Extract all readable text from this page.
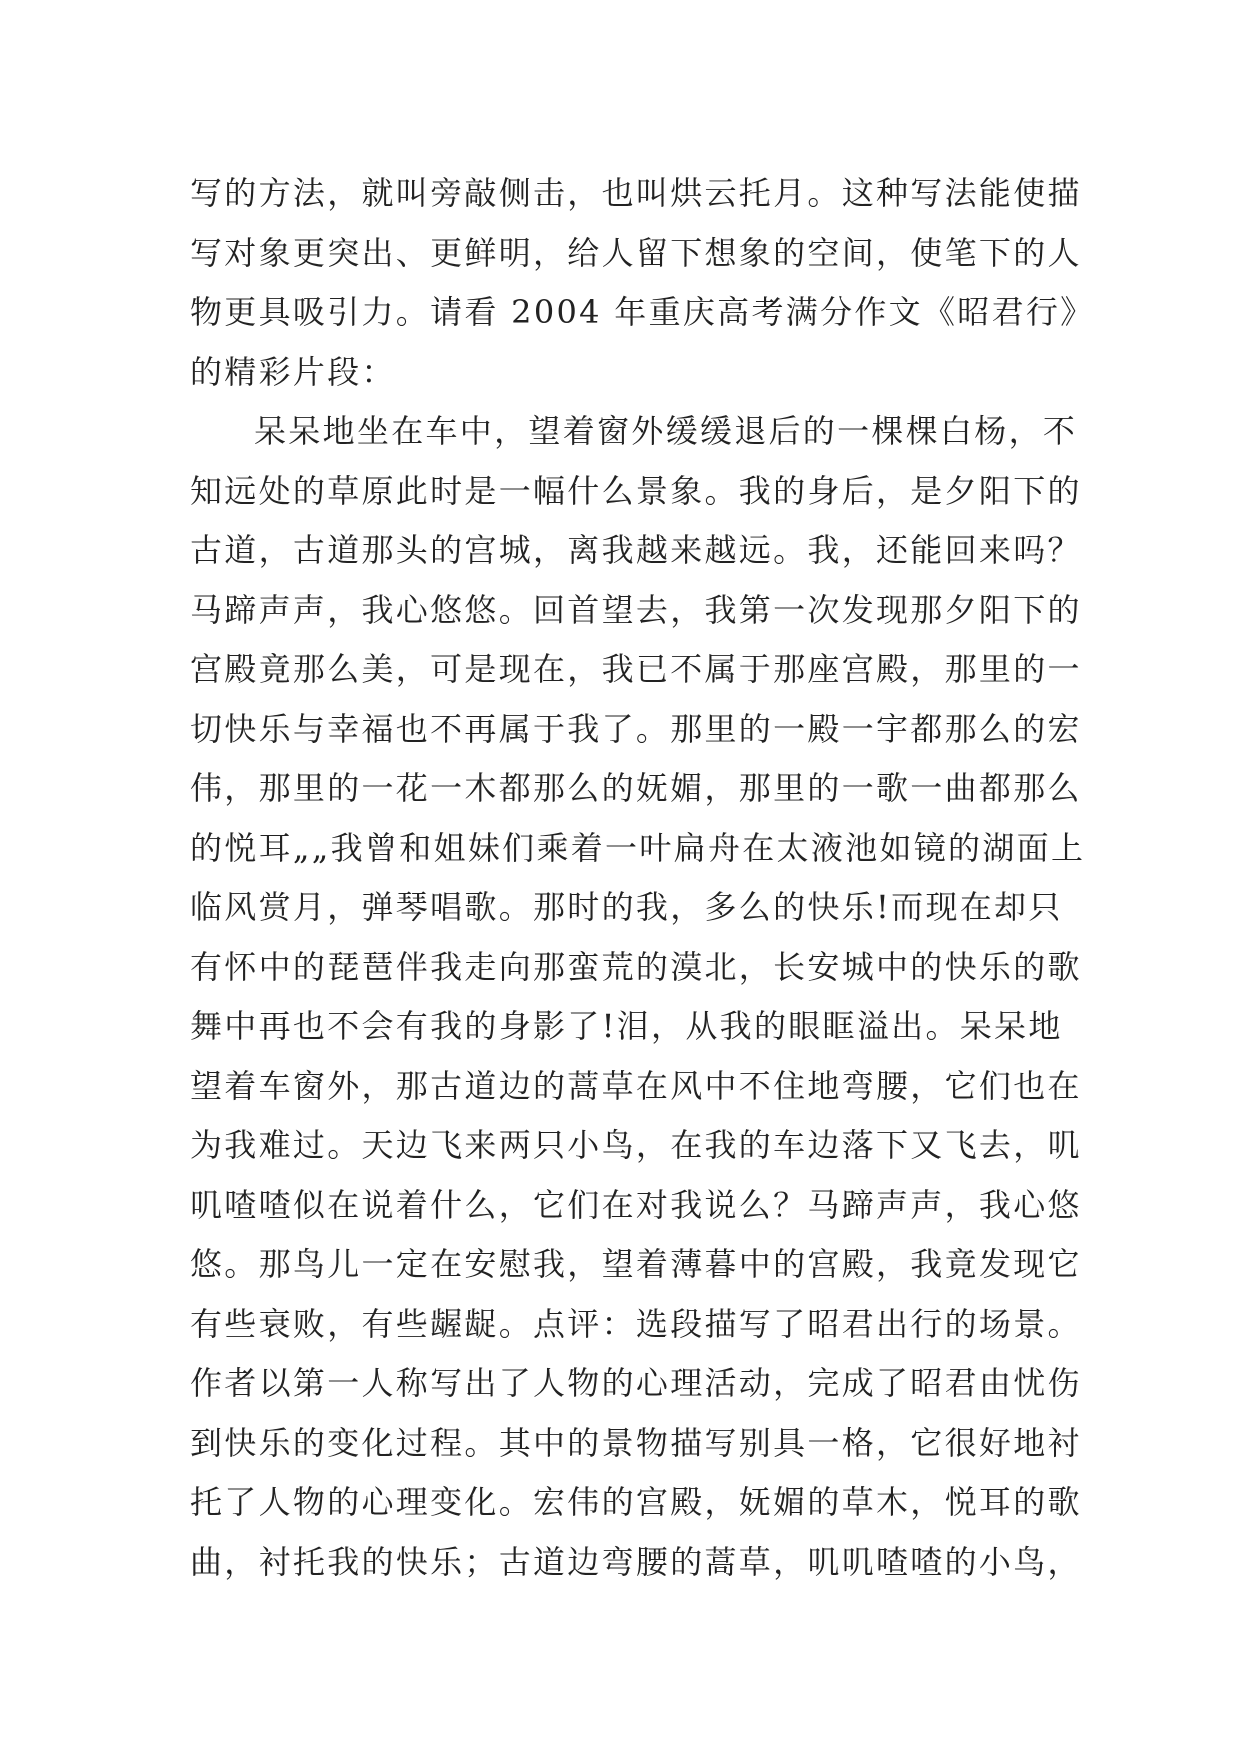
写的方法，就叫旁敲侧击，也叫烘云托月。这种写法能使描
写对象更突出、更鲜明，给人留下想象的空间，使笔下的人
物更具吸引力。请看 2004 年重庆高考满分作文《昭君行》
的精彩片段：
呆呆地坐在车中，望着窗外缓缓退后的一棵棵白杨，不
知远处的草原此时是一幅什么景象。我的身后，是夕阳下的
古道，古道那头的宫城，离我越来越远。我，还能回来吗？
马蹄声声，我心悠悠。回首望去，我第一次发现那夕阳下的
宫殿竟那么美，可是现在，我已不属于那座宫殿，那里的一
切快乐与幸福也不再属于我了。那里的一殿一宇都那么的宏
伟，那里的一花一木都那么的妩媚，那里的一歌一曲都那么
的悦耳„„我曾和姐妹们乘着一叶扁舟在太液池如镜的湖面上
临风赏月，弹琴唱歌。那时的我，多么的快乐!而现在却只
有怀中的琵琶伴我走向那蛮荒的漠北，长安城中的快乐的歌
舞中再也不会有我的身影了!泪，从我的眼眶溢出。呆呆地
望着车窗外，那古道边的蒿草在风中不住地弯腰，它们也在
为我难过。天边飞来两只小鸟，在我的车边落下又飞去，叽
叽喳喳似在说着什么，它们在对我说么？马蹄声声，我心悠
悠。那鸟儿一定在安慰我，望着薄暮中的宫殿，我竟发现它
有些衰败，有些龌龊。点评：选段描写了昭君出行的场景。
作者以第一人称写出了人物的心理活动，完成了昭君由忧伤
到快乐的变化过程。其中的景物描写别具一格，它很好地衬
托了人物的心理变化。宏伟的宫殿，妩媚的草木，悦耳的歌
曲，衬托我的快乐；古道边弯腰的蒿草，叽叽喳喳的小鸟，
